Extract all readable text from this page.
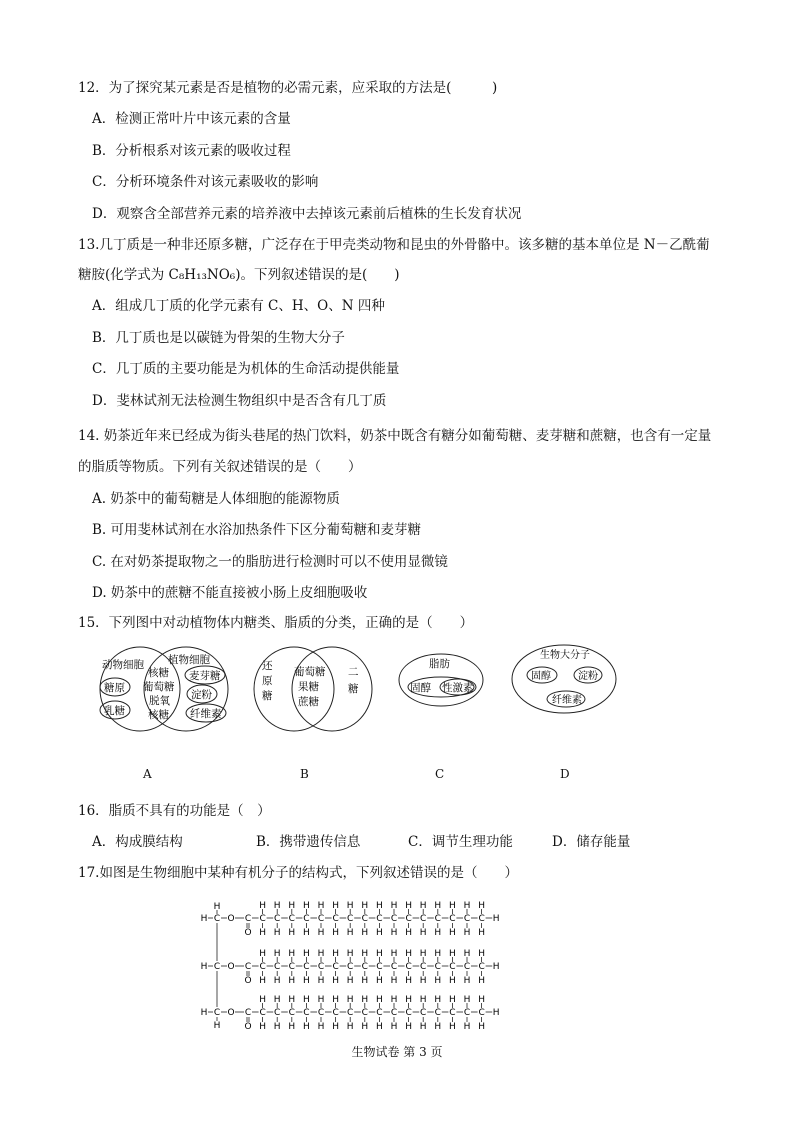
12．为了探究某元素是否是植物的必需元素，应采取的方法是(　　　)
A．检测正常叶片中该元素的含量
B．分析根系对该元素的吸收过程
C．分析环境条件对该元素吸收的影响
D．观察含全部营养元素的培养液中去掉该元素前后植株的生长发育状况
13.几丁质是一种非还原多糖，广泛存在于甲壳类动物和昆虫的外骨骼中。该多糖的基本单位是 N－乙酰葡
糖胺(化学式为 C₈H₁₃NO₆)。下列叙述错误的是(　　)
A．组成几丁质的化学元素有 C、H、O、N 四种
B．几丁质也是以碳链为骨架的生物大分子
C．几丁质的主要功能是为机体的生命活动提供能量
D．斐林试剂无法检测生物组织中是否含有几丁质
14. 奶茶近年来已经成为街头巷尾的热门饮料，奶茶中既含有糖分如葡萄糖、麦芽糖和蔗糖，也含有一定量
的脂质等物质。下列有关叙述错误的是（　　）
A. 奶茶中的葡萄糖是人体细胞的能源物质
B. 可用斐林试剂在水浴加热条件下区分葡萄糖和麦芽糖
C. 在对奶茶提取物之一的脂肪进行检测时可以不使用显微镜
D. 奶茶中的蔗糖不能直接被小肠上皮细胞吸收
15．下列图中对动植物体内糖类、脂质的分类，正确的是（　　）
动物细胞 植物细胞
糖原
乳糖
核糖
葡萄糖
脱氧
核糖
麦芽糖
淀粉
纤维素
A
还
原
糖
葡萄糖
果糖
蔗糖
二
糖
B
脂肪
固醇 性激素
C
生物大分子
固醇	淀粉
纤维素
D
16．脂质不具有的功能是（　）
A．构成膜结构	B．携带遗传信息	C．调节生理功能	D．储存能量
17.如图是生物细胞中某种有机分子的结构式，下列叙述错误的是（　　）
H
H
H C O C
O
C
H
H
C
H
H
C
H
H
C
H
H
C
H
H
C
H
H
C
H
H
C
H
H
C
H
H
C
H
H
C
H
H
C
H
H
C
H
H
C
H
H
C
H
H
C
H
H
H
H C O C
O
C
H
H
C
H
H
C
H
H
C
H
H
C
H
H
C
H
H
C
H
H
C
H
H
C
H
H
C
H
H
C
H
H
C
H
H
C
H
H
C
H
H
C
H
H
C
H
H
H
H C O C
O
C
H
H
C
H
H
C
H
H
C
H
H
C
H
H
C
H
H
C
H
H
C
H
H
C
H
H
C
H
H
C
H
H
C
H
H
C
H
H
C
H
H
C
H
H
C
H
H
H
生物试卷 第 3 页
